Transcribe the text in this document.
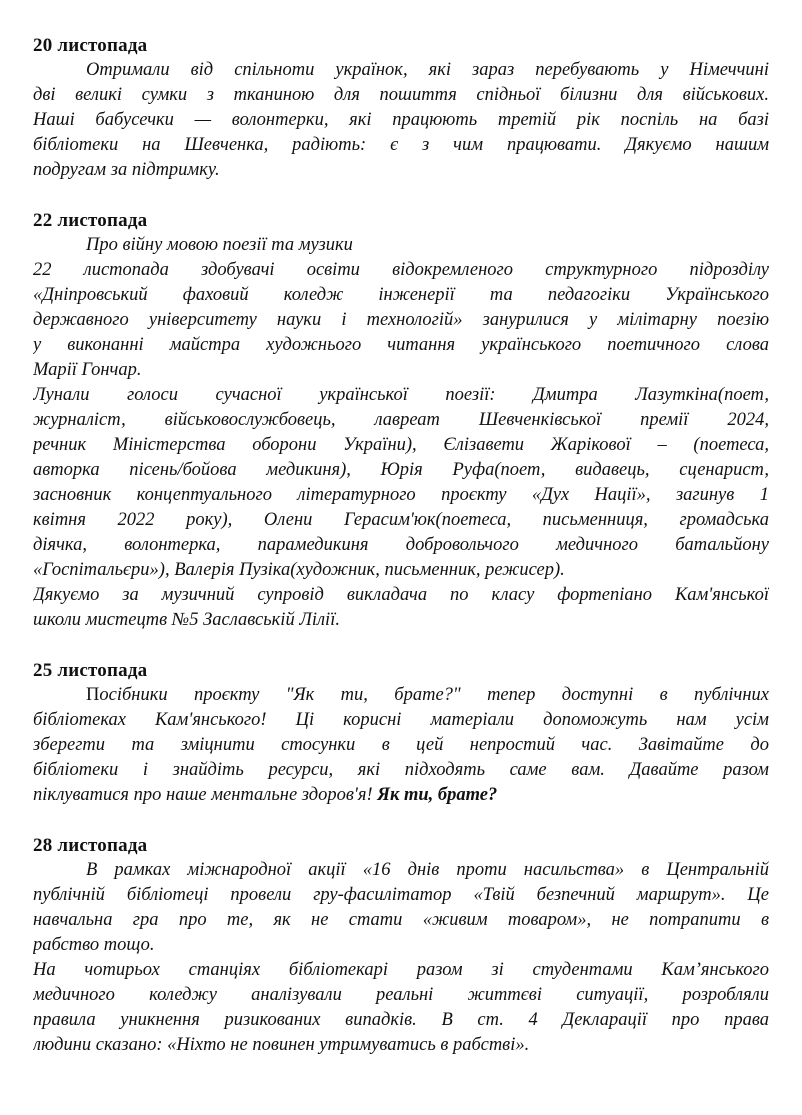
20 листопада
Отримали від спільноти українок, які зараз перебувають у Німеччині
дві великі сумки з тканиною для пошиття спідньої білизни для військових.
Наші бабусечки — волонтерки, які працюють третій рік поспіль на базі
бібліотеки на Шевченка, радіють: є з чим працювати. Дякуємо нашим
подругам за підтримку.
22 листопада
Про війну мовою поезії та музики
22 листопада здобувачі освіти відокремленого структурного підрозділу
«Дніпровський фаховий коледж інженерії та педагогіки Українського
державного університету науки і технологій» занурилися у мілітарну поезію
у виконанні майстра художнього читання українського поетичного слова
Марії Гончар.
Лунали голоси сучасної української поезії: Дмитра Лазуткіна(поет,
журналіст, військовослужбовець, лавреат Шевченківської премії 2024,
речник Міністерства оборони України), Єлізавети Жарікової – (поетеса,
авторка пісень/бойова медикиня), Юрія Руфа(поет, видавець, сценарист,
засновник концептуального літературного проєкту «Дух Нації», загинув 1
квітня 2022 року), Олени Герасим'юк(поетеса, письменниця, громадська
діячка, волонтерка, парамедикиня добровольчого медичного батальйону
«Госпітальєри»), Валерія Пузіка(художник, письменник, режисер).
Дякуємо за музичний супровід викладача по класу фортепіано Кам'янської
школи мистецтв №5 Заславській Лілії.
25 листопада
Посібники проєкту "Як ти, брате?" тепер доступні в публічних
бібліотеках Кам'янського! Ці корисні матеріали допоможуть нам усім
зберегти та зміцнити стосунки в цей непростий час. Завітайте до
бібліотеки і знайдіть ресурси, які підходять саме вам. Давайте разом
піклуватися про наше ментальне здоров'я! Як ти, брате?
28 листопада
В рамках міжнародної акції «16 днів проти насильства» в Центральній
публічній бібліотеці провели гру-фасилітатор «Твій безпечний маршрут». Це
навчальна гра про те, як не стати «живим товаром», не потрапити в
рабство тощо.
На чотирьох станціях бібліотекарі разом зі студентами Кам’янського
медичного коледжу аналізували реальні життєві ситуації, розробляли
правила уникнення ризикованих випадків. В ст. 4 Декларації про права
людини сказано: «Ніхто не повинен утримуватись в рабстві».
